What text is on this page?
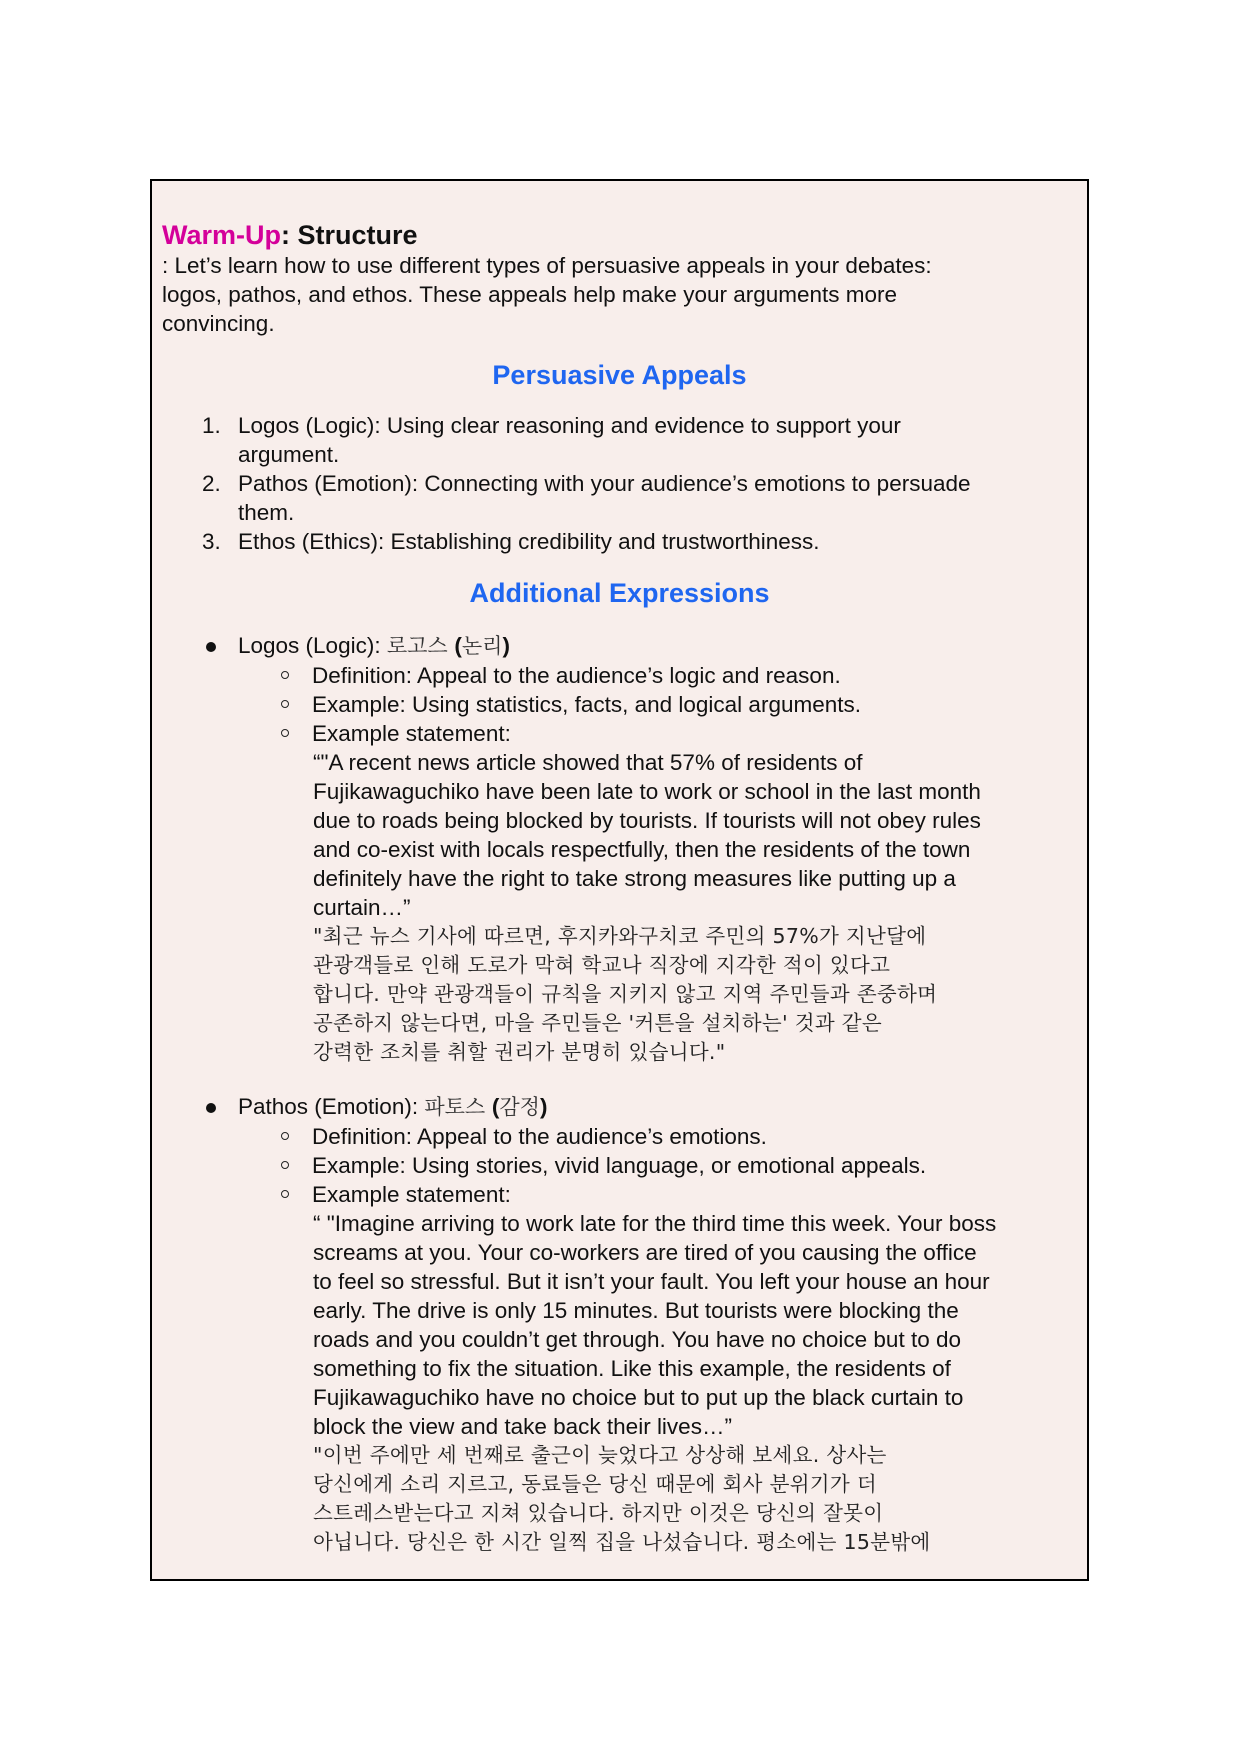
Warm-Up: Structure

: Let’s learn how to use different types of persuasive appeals in your debates:
logos, pathos, and ethos. These appeals help make your arguments more
convincing.

Persuasive Appeals
1. Logos (Logic): Using clear reasoning and evidence to support your
argument.
2. Pathos (Emotion): Connecting with your audience’s emotions to persuade
them.
3. Ethos (Ethics): Establishing credibility and trustworthiness.
Additional Expressions
Logos (Logic): 로고스 (논리)
Definition: Appeal to the audience’s logic and reason.
Example: Using statistics, facts, and logical arguments.
Example statement:
“"A recent news article showed that 57% of residents of
Fujikawaguchiko have been late to work or school in the last month
due to roads being blocked by tourists. If tourists will not obey rules
and co-exist with locals respectfully, then the residents of the town
definitely have the right to take strong measures like putting up a
curtain…”
"최근 뉴스 기사에 따르면, 후지카와구치코 주민의 57%가 지난달에
관광객들로 인해 도로가 막혀 학교나 직장에 지각한 적이 있다고
합니다. 만약 관광객들이 규칙을 지키지 않고 지역 주민들과 존중하며
공존하지 않는다면, 마을 주민들은 '커튼을 설치하는' 것과 같은
강력한 조치를 취할 권리가 분명히 있습니다."
Pathos (Emotion): 파토스 (감정)
Definition: Appeal to the audience’s emotions.
Example: Using stories, vivid language, or emotional appeals.
Example statement:
“ "Imagine arriving to work late for the third time this week. Your boss
screams at you. Your co-workers are tired of you causing the office
to feel so stressful. But it isn’t your fault. You left your house an hour
early. The drive is only 15 minutes. But tourists were blocking the
roads and you couldn’t get through. You have no choice but to do
something to fix the situation. Like this example, the residents of
Fujikawaguchiko have no choice but to put up the black curtain to
block the view and take back their lives…”
"이번 주에만 세 번째로 출근이 늦었다고 상상해 보세요. 상사는
당신에게 소리 지르고, 동료들은 당신 때문에 회사 분위기가 더
스트레스받는다고 지쳐 있습니다. 하지만 이것은 당신의 잘못이
아닙니다. 당신은 한 시간 일찍 집을 나섰습니다. 평소에는 15분밖에
